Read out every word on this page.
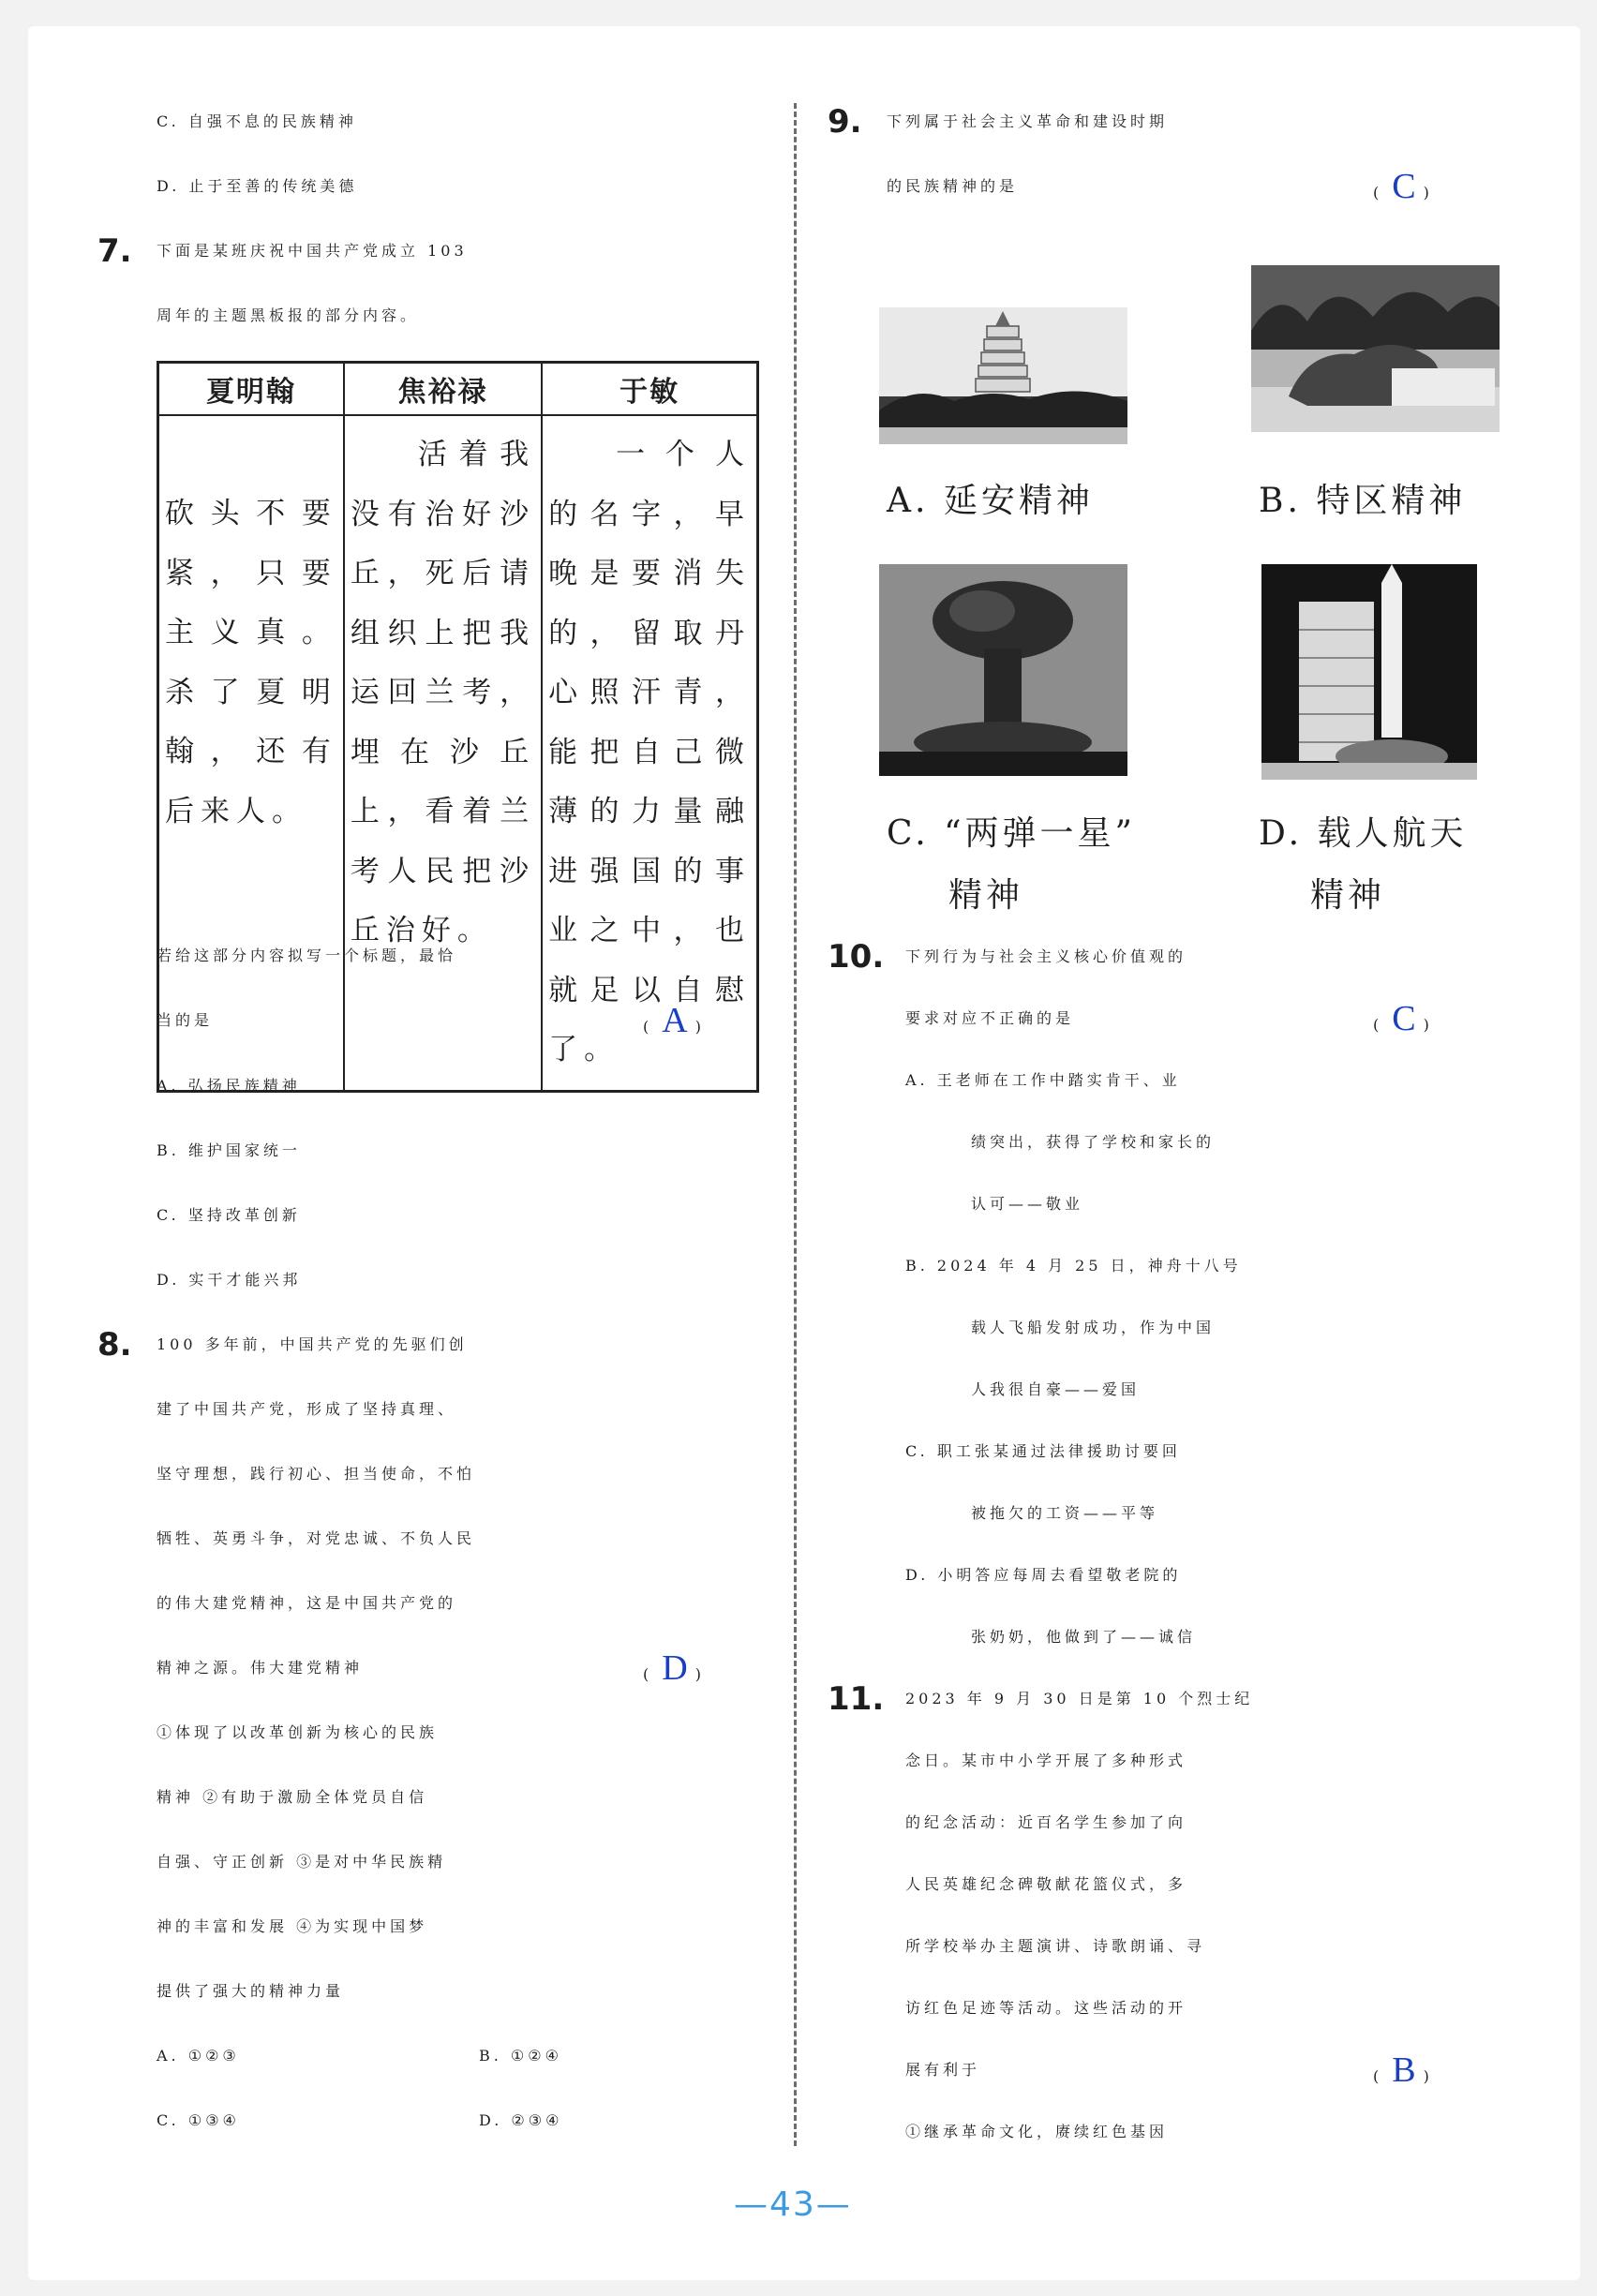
C. 自强不息的民族精神
D. 止于至善的传统美德
7. 下面是某班庆祝中国共产党成立 103
周年的主题黑板报的部分内容。
夏明翰	焦裕禄	于敏
砍头不要紧，只要主义真。杀了夏明翰，还有后来人。	活着我没有治好沙丘，死后请组织上把我运回兰考，埋在沙丘上，看着兰考人民把沙丘治好。	一个人的名字，早晚是要消失的，留取丹心照汗青，能把自己微薄的力量融进强国的事业之中，也就足以自慰了。
若给这部分内容拟写一个标题，最恰
当的是	( A )
A. 弘扬民族精神
B. 维护国家统一
C. 坚持改革创新
D. 实干才能兴邦
8. 100 多年前，中国共产党的先驱们创
建了中国共产党，形成了坚持真理、
坚守理想，践行初心、担当使命，不怕
牺牲、英勇斗争，对党忠诚、不负人民
的伟大建党精神，这是中国共产党的
精神之源。伟大建党精神	( D )
①体现了以改革创新为核心的民族
精神 ②有助于激励全体党员自信
自强、守正创新 ③是对中华民族精
神的丰富和发展 ④为实现中国梦
提供了强大的精神力量
A. ①②③	B. ①②④
C. ①③④	D. ②③④
9. 下列属于社会主义革命和建设时期
的民族精神的是	( C )
A. 延安精神	B. 特区精神
C. “两弹一星”
精神
D. 载人航天
精神
10. 下列行为与社会主义核心价值观的
要求对应不正确的是	( C )
A. 王老师在工作中踏实肯干、业
绩突出，获得了学校和家长的
认可——敬业
B. 2024 年 4 月 25 日，神舟十八号
载人飞船发射成功，作为中国
人我很自豪——爱国
C. 职工张某通过法律援助讨要回
被拖欠的工资——平等
D. 小明答应每周去看望敬老院的
张奶奶，他做到了——诚信
11. 2023 年 9 月 30 日是第 10 个烈士纪
念日。某市中小学开展了多种形式
的纪念活动：近百名学生参加了向
人民英雄纪念碑敬献花篮仪式，多
所学校举办主题演讲、诗歌朗诵、寻
访红色足迹等活动。这些活动的开
展有利于	( B )
①继承革命文化，赓续红色基因
—43—
